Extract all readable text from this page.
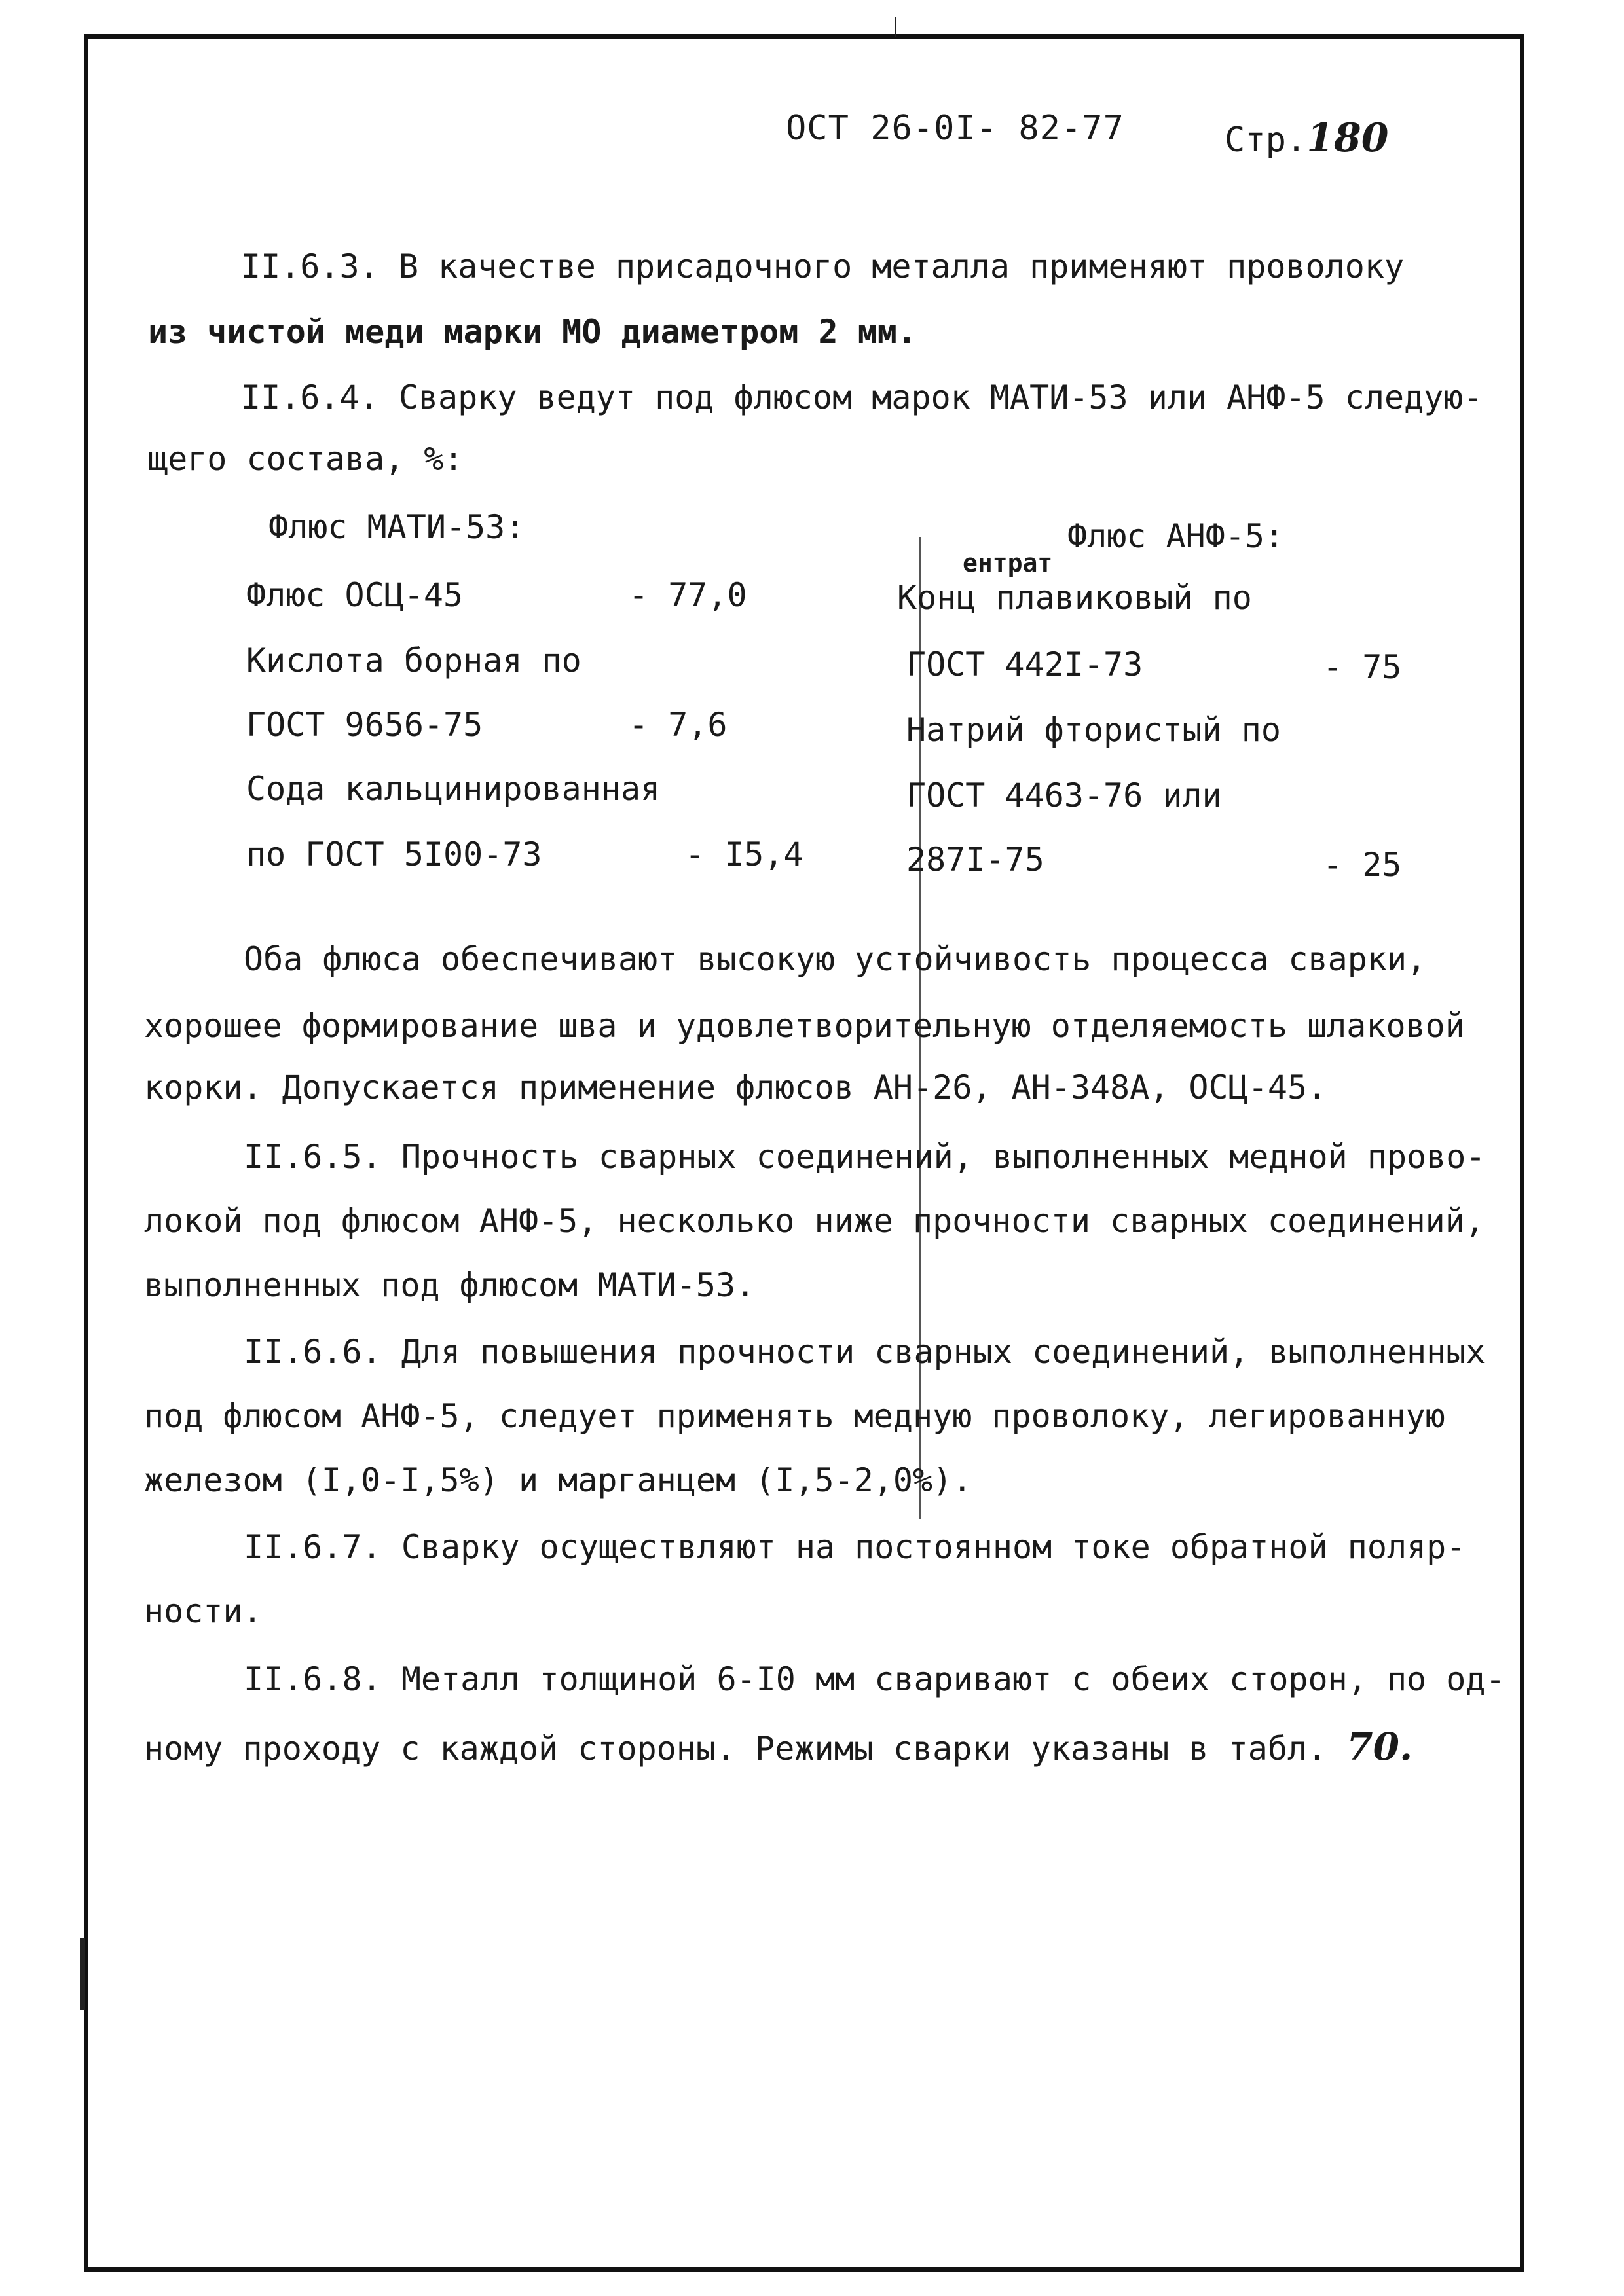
ОСТ 26-0I- 82-77	Стр.180
II.6.3. В качестве присадочного металла применяют проволоку
из чистой меди марки МО диаметром 2 мм.
II.6.4. Сварку ведут под флюсом марок МАТИ-53 или АНФ-5 следую-
щего состава, %:
Флюс МАТИ-53:	Флюс АНФ-5:
Флюс ОСЦ-45	- 77,0
Кислота борная по
ГОСТ 9656-75	- 7,6
Сода кальцинированная
по ГОСТ 5I00-73	- I5,4
ентрат
Конц плавиковый по
ГОСТ 442I-73	- 75
Натрий фтористый по
ГОСТ 4463-76 или
287I-75	- 25
Оба флюса обеспечивают высокую устойчивость процесса сварки,
хорошее формирование шва и удовлетворительную отделяемость шлаковой
корки. Допускается применение флюсов АН-26, АН-348А, ОСЦ-45.
II.6.5. Прочность сварных соединений, выполненных медной прово-
локой под флюсом АНФ-5, несколько ниже прочности сварных соединений,
выполненных под флюсом МАТИ-53.
II.6.6. Для повышения прочности сварных соединений, выполненных
под флюсом АНФ-5, следует применять медную проволоку, легированную
железом (I,0-I,5%) и марганцем (I,5-2,0%).
II.6.7. Сварку осуществляют на постоянном токе обратной поляр-
ности.
II.6.8. Металл толщиной 6-I0 мм сваривают с обеих сторон, по од-
ному проходу с каждой стороны. Режимы сварки указаны в табл. 70.
